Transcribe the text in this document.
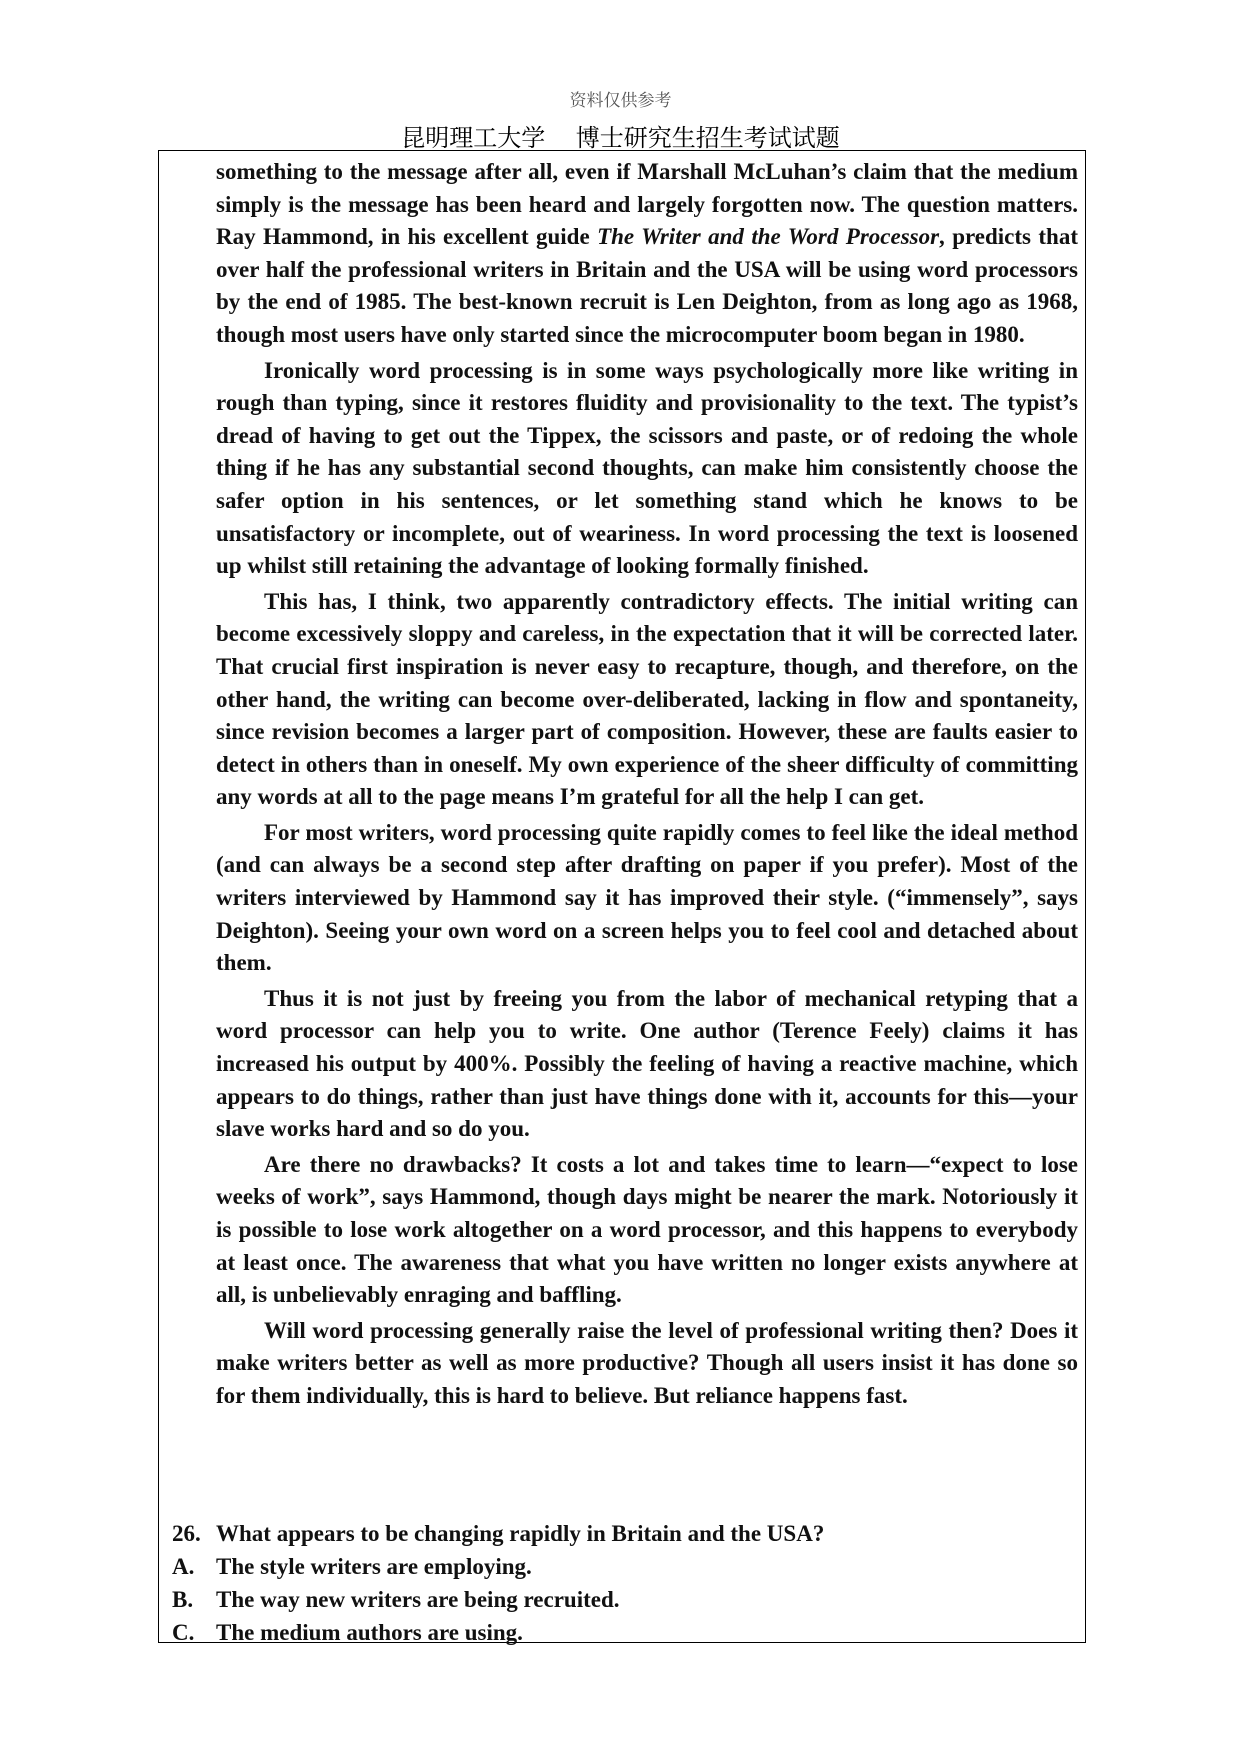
资料仅供参考
昆明理工大学    博士研究生招生考试试题

something to the message after all, even if Marshall McLuhan’s claim that the medium simply is the message has been heard and largely forgotten now. The question matters. Ray Hammond, in his excellent guide The Writer and the Word Processor, predicts that over half the professional writers in Britain and the USA will be using word processors by the end of 1985. The best-known recruit is Len Deighton, from as long ago as 1968, though most users have only started since the microcomputer boom began in 1980.

Ironically word processing is in some ways psychologically more like writing in rough than typing, since it restores fluidity and provisionality to the text. The typist’s dread of having to get out the Tippex, the scissors and paste, or of redoing the whole thing if he has any substantial second thoughts, can make him consistently choose the safer option in his sentences, or let something stand which he knows to be unsatisfactory or incomplete, out of weariness. In word processing the text is loosened up whilst still retaining the advantage of looking formally finished.

This has, I think, two apparently contradictory effects. The initial writing can become excessively sloppy and careless, in the expectation that it will be corrected later. That crucial first inspiration is never easy to recapture, though, and therefore, on the other hand, the writing can become over-deliberated, lacking in flow and spontaneity, since revision becomes a larger part of composition. However, these are faults easier to detect in others than in oneself. My own experience of the sheer difficulty of committing any words at all to the page means I’m grateful for all the help I can get.

For most writers, word processing quite rapidly comes to feel like the ideal method (and can always be a second step after drafting on paper if you prefer). Most of the writers interviewed by Hammond say it has improved their style. (“immensely”, says Deighton). Seeing your own word on a screen helps you to feel cool and detached about them.

Thus it is not just by freeing you from the labor of mechanical retyping that a word processor can help you to write. One author (Terence Feely) claims it has increased his output by 400%. Possibly the feeling of having a reactive machine, which appears to do things, rather than just have things done with it, accounts for this—your slave works hard and so do you.

Are there no drawbacks? It costs a lot and takes time to learn—“expect to lose weeks of work”, says Hammond, though days might be nearer the mark. Notoriously it is possible to lose work altogether on a word processor, and this happens to everybody at least once. The awareness that what you have written no longer exists anywhere at all, is unbelievably enraging and baffling.

Will word processing generally raise the level of professional writing then? Does it make writers better as well as more productive? Though all users insist it has done so for them individually, this is hard to believe. But reliance happens fast.

26. What appears to be changing rapidly in Britain and the USA?
A. The style writers are employing.
B. The way new writers are being recruited.
C. The medium authors are using.
